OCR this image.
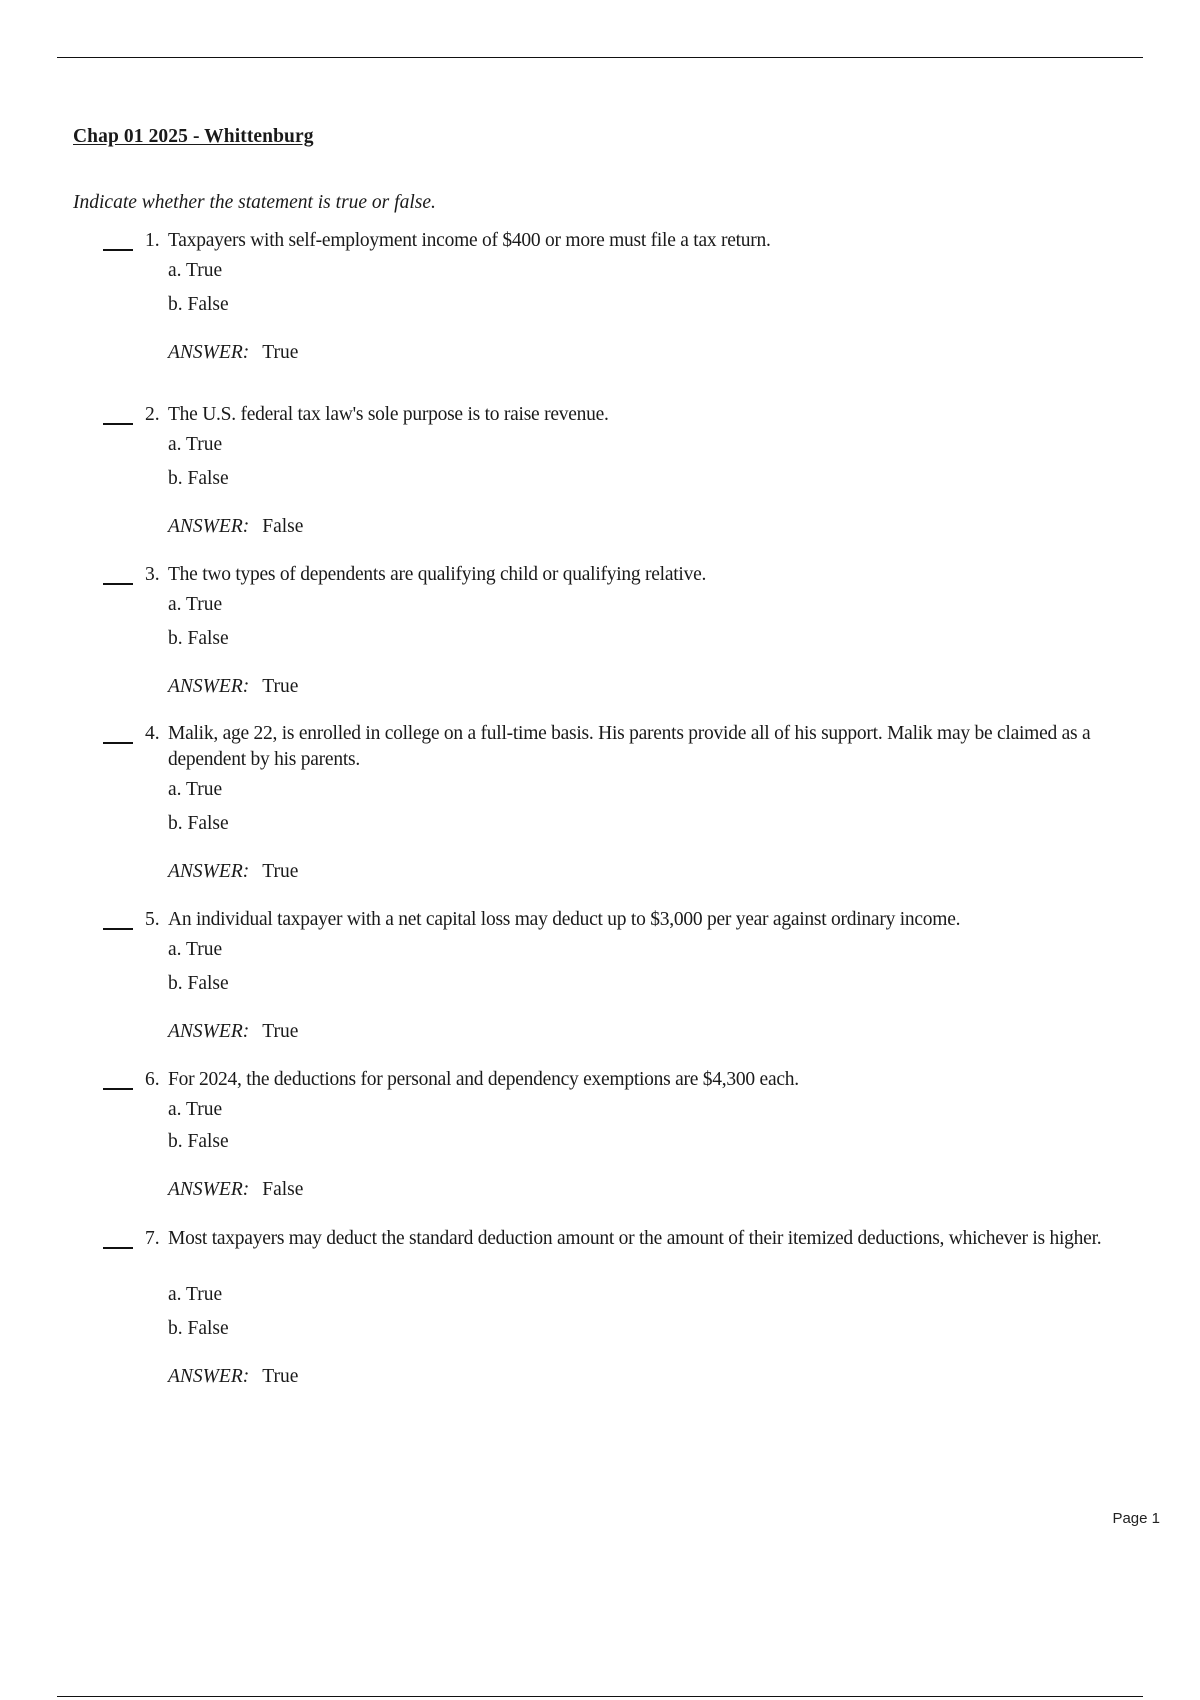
Chap 01 2025 - Whittenburg
Indicate whether the statement is true or false.
1. Taxpayers with self-employment income of $400 or more must file a tax return.
a. True
b. False
ANSWER: True
2. The U.S. federal tax law's sole purpose is to raise revenue.
a. True
b. False
ANSWER: False
3. The two types of dependents are qualifying child or qualifying relative.
a. True
b. False
ANSWER: True
4. Malik, age 22, is enrolled in college on a full-time basis. His parents provide all of his support. Malik may be claimed as a dependent by his parents.
a. True
b. False
ANSWER: True
5. An individual taxpayer with a net capital loss may deduct up to $3,000 per year against ordinary income.
a. True
b. False
ANSWER: True
6. For 2024, the deductions for personal and dependency exemptions are $4,300 each.
a. True
b. False
ANSWER: False
7. Most taxpayers may deduct the standard deduction amount or the amount of their itemized deductions, whichever is higher.
a. True
b. False
ANSWER: True
Page 1
